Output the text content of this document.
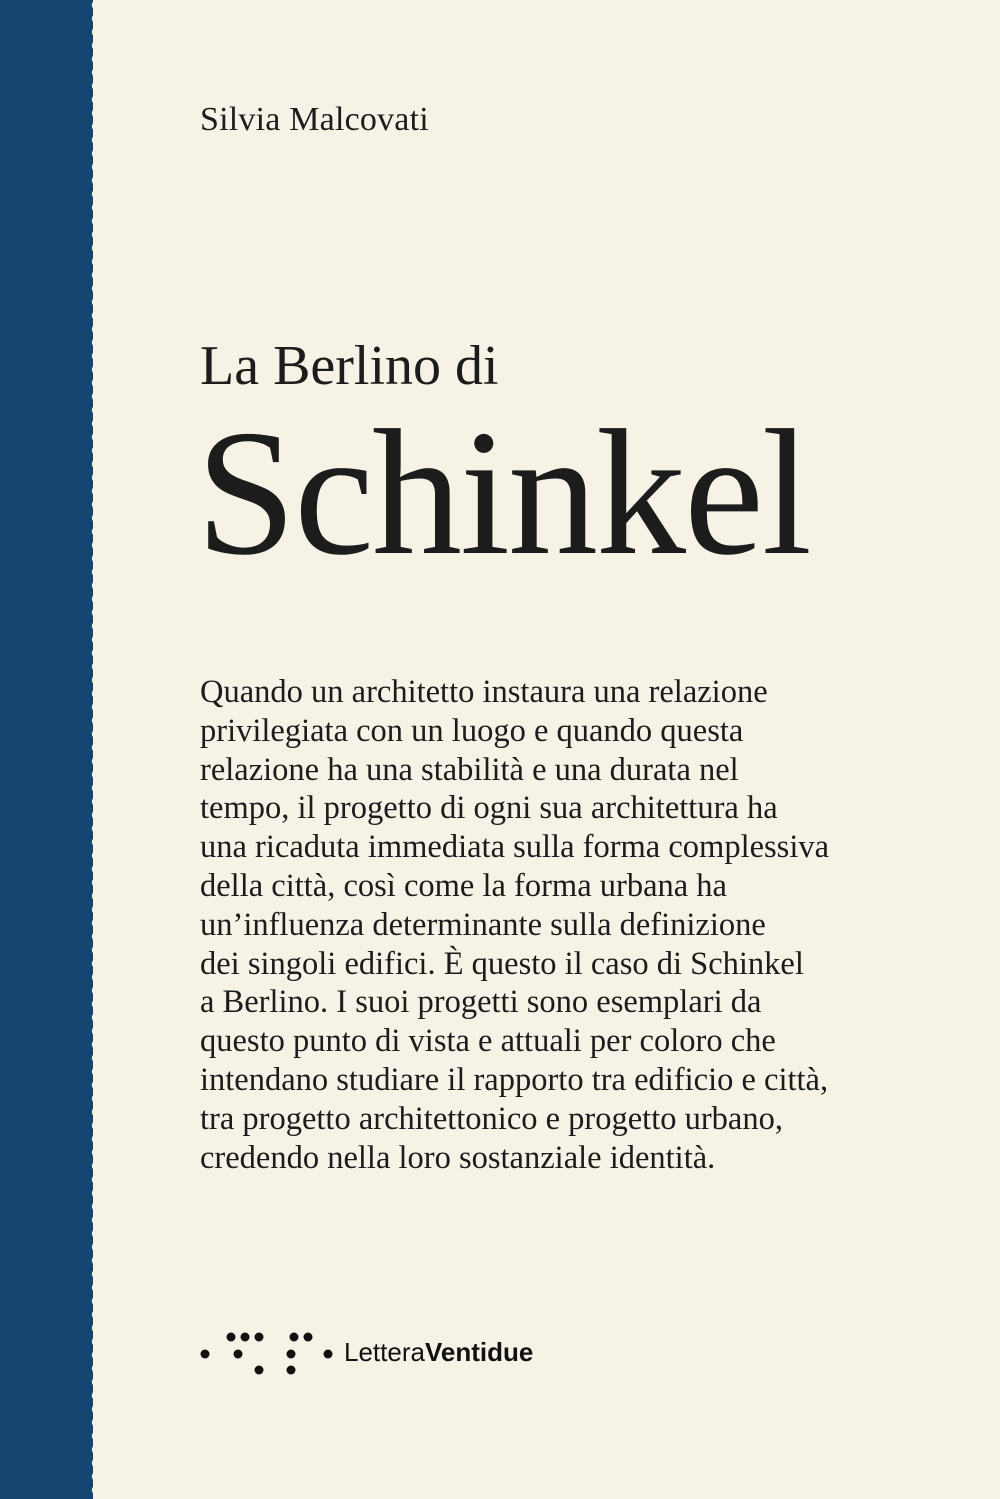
Silvia Malcovati
La Berlino di
Schinkel
Quando un architetto instaura una relazione
privilegiata con un luogo e quando questa
relazione ha una stabilità e una durata nel
tempo, il progetto di ogni sua architettura ha
una ricaduta immediata sulla forma complessiva
della città, così come la forma urbana ha
un’influenza determinante sulla definizione
dei singoli edifici. È questo il caso di Schinkel
a Berlino. I suoi progetti sono esemplari da
questo punto di vista e attuali per coloro che
intendano studiare il rapporto tra edificio e città,
tra progetto architettonico e progetto urbano,
credendo nella loro sostanziale identità.
LetteraVentidue
